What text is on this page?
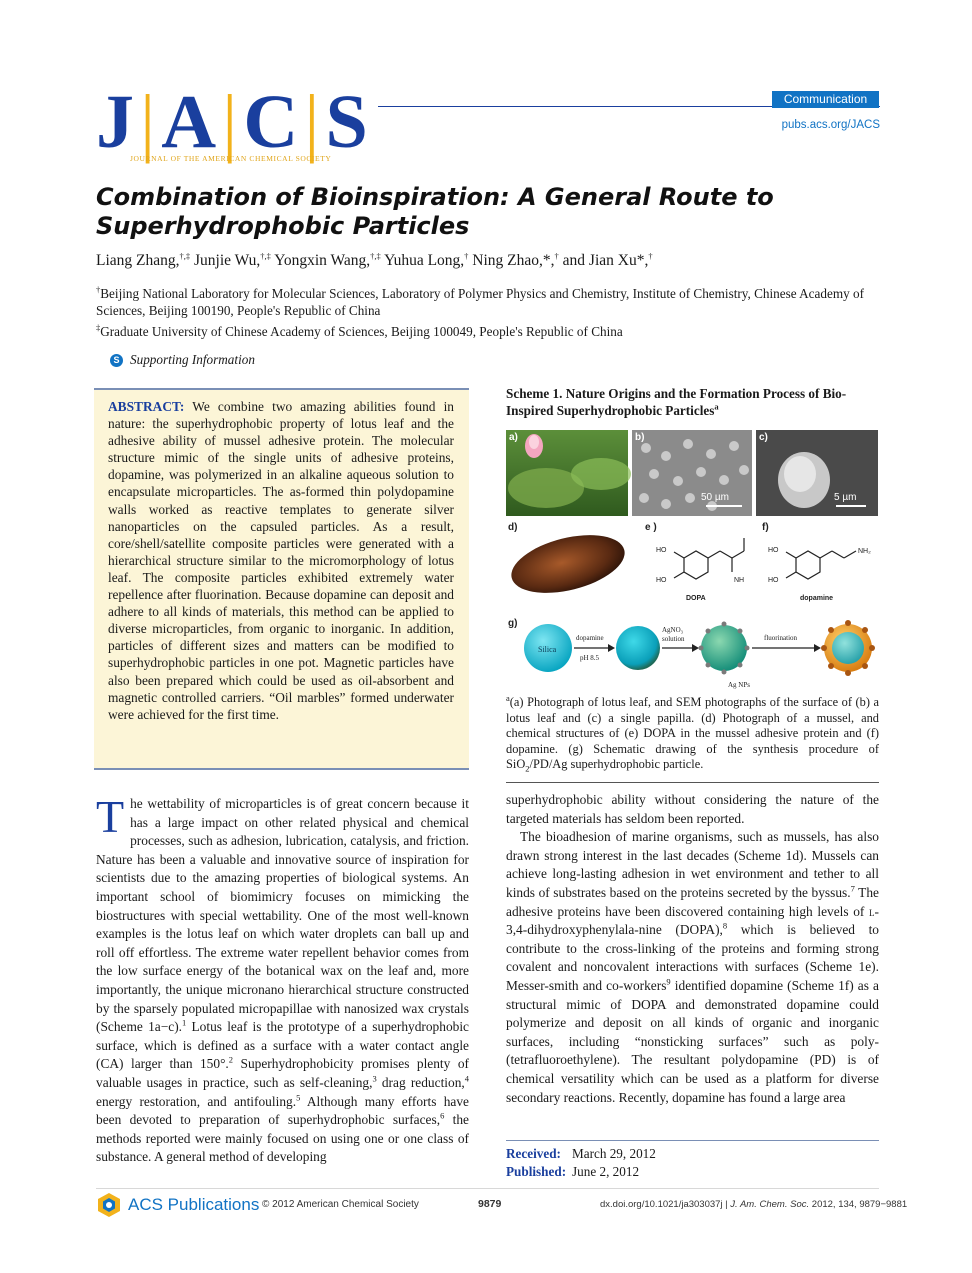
J|A|C|S
JOURNAL OF THE AMERICAN CHEMICAL SOCIETY
Communication
pubs.acs.org/JACS
Combination of Bioinspiration: A General Route to Superhydrophobic Particles
Liang Zhang,†,‡ Junjie Wu,†,‡ Yongxin Wang,†,‡ Yuhua Long,† Ning Zhao,*,† and Jian Xu*,†
†Beijing National Laboratory for Molecular Sciences, Laboratory of Polymer Physics and Chemistry, Institute of Chemistry, Chinese Academy of Sciences, Beijing 100190, People's Republic of China
‡Graduate University of Chinese Academy of Sciences, Beijing 100049, People's Republic of China
S Supporting Information
ABSTRACT: We combine two amazing abilities found in nature: the superhydrophobic property of lotus leaf and the adhesive ability of mussel adhesive protein. The molecular structure mimic of the single units of adhesive proteins, dopamine, was polymerized in an alkaline aqueous solution to encapsulate microparticles. The as-formed thin polydopamine walls worked as reactive templates to generate silver nanoparticles on the capsuled particles. As a result, core/shell/satellite composite particles were generated with a hierarchical structure similar to the micromorphology of lotus leaf. The composite particles exhibited extremely water repellence after fluorination. Because dopamine can deposit and adhere to all kinds of materials, this method can be applied to diverse microparticles, from organic to inorganic. In addition, particles of different sizes and matters can be modified to superhydrophobic particles in one pot. Magnetic particles have also been prepared which could be used as oil-absorbent and magnetic controlled carriers. “Oil marbles” formed underwater were achieved for the first time.
The wettability of microparticles is of great concern because it has a large impact on other related physical and chemical processes, such as adhesion, lubrication, catalysis, and friction. Nature has been a valuable and innovative source of inspiration for scientists due to the amazing properties of biological systems. An important school of biomimicry focuses on mimicking the biostructures with special wettability. One of the most well-known examples is the lotus leaf on which water droplets can ball up and roll off effortless. The extreme water repellent behavior comes from the low surface energy of the botanical wax on the leaf and, more importantly, the unique micronano hierarchical structure constructed by the sparsely populated micropapillae with nanosized wax crystals (Scheme 1a−c).$^1$ Lotus leaf is the prototype of a superhydrophobic surface, which is defined as a surface with a water contact angle (CA) larger than 150°.$^2$ Superhydrophobicity promises plenty of valuable usages in practice, such as self-cleaning,$^3$ drag reduction,$^4$ energy restoration, and antifouling.$^5$ Although many efforts have been devoted to preparation of superhydrophobic surfaces,$^6$ the methods reported were mainly focused on using one or one class of substance. A general method of developing
Scheme 1. Nature Origins and the Formation Process of Bio-Inspired Superhydrophobic Particles$^a$
a)	b)
50 µm
c)
5 µm
d)	e )
HO
HO	NH
DOPA
f)
HO
HO
NH₂
dopamine
g)
Silica
dopamine
pH 8.5
AgNO₃
solution
Ag NPs
fluorination
$^a$(a) Photograph of lotus leaf, and SEM photographs of the surface of (b) a lotus leaf and (c) a single papilla. (d) Photograph of a mussel, and chemical structures of (e) DOPA in the mussel adhesive protein and (f) dopamine. (g) Schematic drawing of the synthesis procedure of SiO$_2$/PD/Ag superhydrophobic particle.
superhydrophobic ability without considering the nature of the targeted materials has seldom been reported.
The bioadhesion of marine organisms, such as mussels, has also drawn strong interest in the last decades (Scheme 1d). Mussels can achieve long-lasting adhesion in wet environment and tether to all kinds of substrates based on the proteins secreted by the byssus.$^7$ The adhesive proteins have been discovered containing high levels of l-3,4-dihydroxyphenylala-nine (DOPA),$^8$ which is believed to contribute to the cross-linking of the proteins and forming strong covalent and noncovalent interactions with surfaces (Scheme 1e). Messer-smith and co-workers$^9$ identified dopamine (Scheme 1f) as a structural mimic of DOPA and demonstrated dopamine could polymerize and deposit on all kinds of organic and inorganic surfaces, including “nonsticking surfaces” such as poly-(tetrafluoroethylene). The resultant polydopamine (PD) is of chemical versatility which can be used as a platform for diverse secondary reactions. Recently, dopamine has found a large area
Received: March 29, 2012
Published: June 2, 2012
ACS Publications © 2012 American Chemical Society	9879	dx.doi.org/10.1021/ja303037j | J. Am. Chem. Soc. 2012, 134, 9879−9881
